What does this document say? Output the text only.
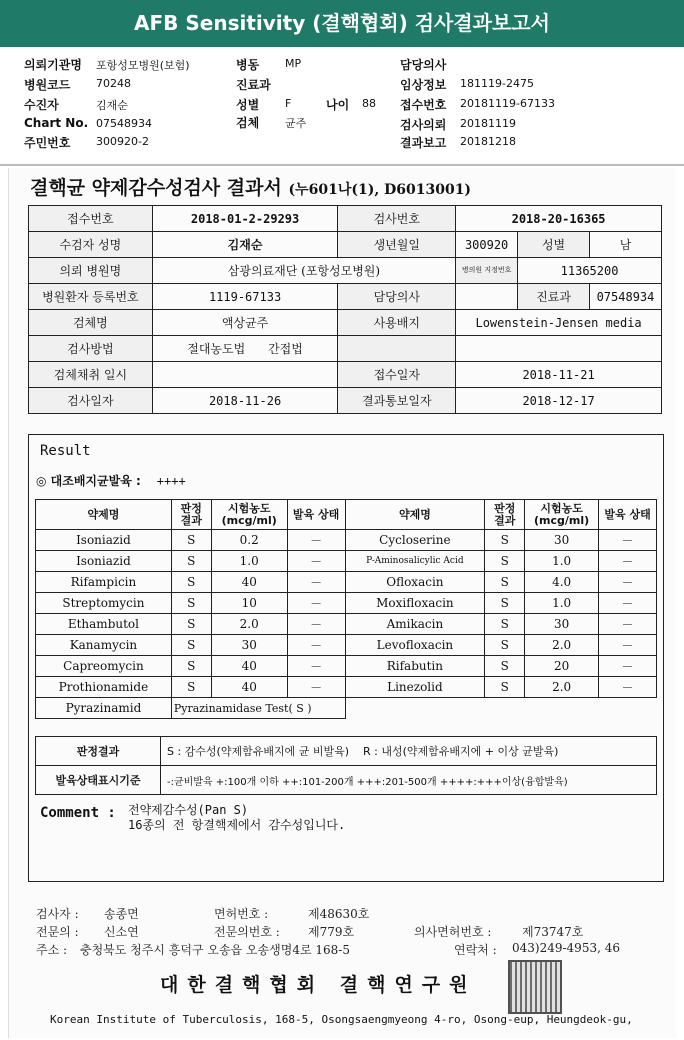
AFB Sensitivity (결핵협회) 검사결과보고서
의뢰기관명 포항성모병원(보험)	병동 MP	담당의사
병원코드 70248	진료과	임상정보 181119-2475
수진자	김재순	성별 F	나이 88 접수번호 20181119-67133
Chart No. 07548934	검체 균주	검사의뢰 20181119
주민번호 300920-2	결과보고 20181218
결핵균 약제감수성검사 결과서 (누601나(1), D6013001)
접수번호	2018-01-2-29293	검사번호	2018-20-16365		
수검자 성명	김재순	생년월일	300920	성별	남
의뢰 병원명	삼광의료재단 (포항성모병원)		병의원 지정번호	11365200	
병원환자 등록번호	1119-67133	담당의사		진료과	07548934
검체명	액상균주	사용배지	Lowenstein-Jensen media		
검사방법	절대농도법 간접법				
검체채취 일시		접수일자	2018-11-21		
검사일자	2018-11-26	결과통보일자	2018-12-17		
Result
◎ 대조배지균발육 : ++++
약제명	판정 결과	시험농도 (mcg/ml)	발육 상태	약제명	판정 결과	시험농도 (mcg/ml)	발육 상태
Isoniazid	S	0.2	－	Cycloserine	S	30	－
Isoniazid	S	1.0	－	P-Aminosalicylic Acid	S	1.0	－
Rifampicin	S	40	－	Ofloxacin	S	4.0	－
Streptomycin	S	10	－	Moxifloxacin	S	1.0	－
Ethambutol	S	2.0	－	Amikacin	S	30	－
Kanamycin	S	30	－	Levofloxacin	S	2.0	－
Capreomycin	S	40	－	Rifabutin	S	20	－
Prothionamide	S	40	－	Linezolid	S	2.0	－
Pyrazinamid	Pyrazinamidase Test( S )						
판정결과	S : 감수성(약제함유배지에 균 비발육) R : 내성(약제함유배지에 + 이상 균발육)
발육상태표시기준	-:균비발육 +:100개 이하 ++:101-200개 +++:201-500개 ++++:+++이상(융합발육)
Comment : 전약제감수성(Pan S)
16종의 전 항결핵제에서 감수성입니다.
검사자 : 송종면	면허번호 :	제48630호
전문의 : 신소연	전문의번호 : 제779호	의사면허번호 :	제73747호
주소 : 충청북도 청주시 흥덕구 오송읍 오송생명4로 168-5	연락처 : 043)249-4953, 46
대한결핵협회 결핵연구원
Korean Institute of Tuberculosis, 168-5, Osongsaengmyeong 4-ro, Osong-eup, Heungdeok-gu,
